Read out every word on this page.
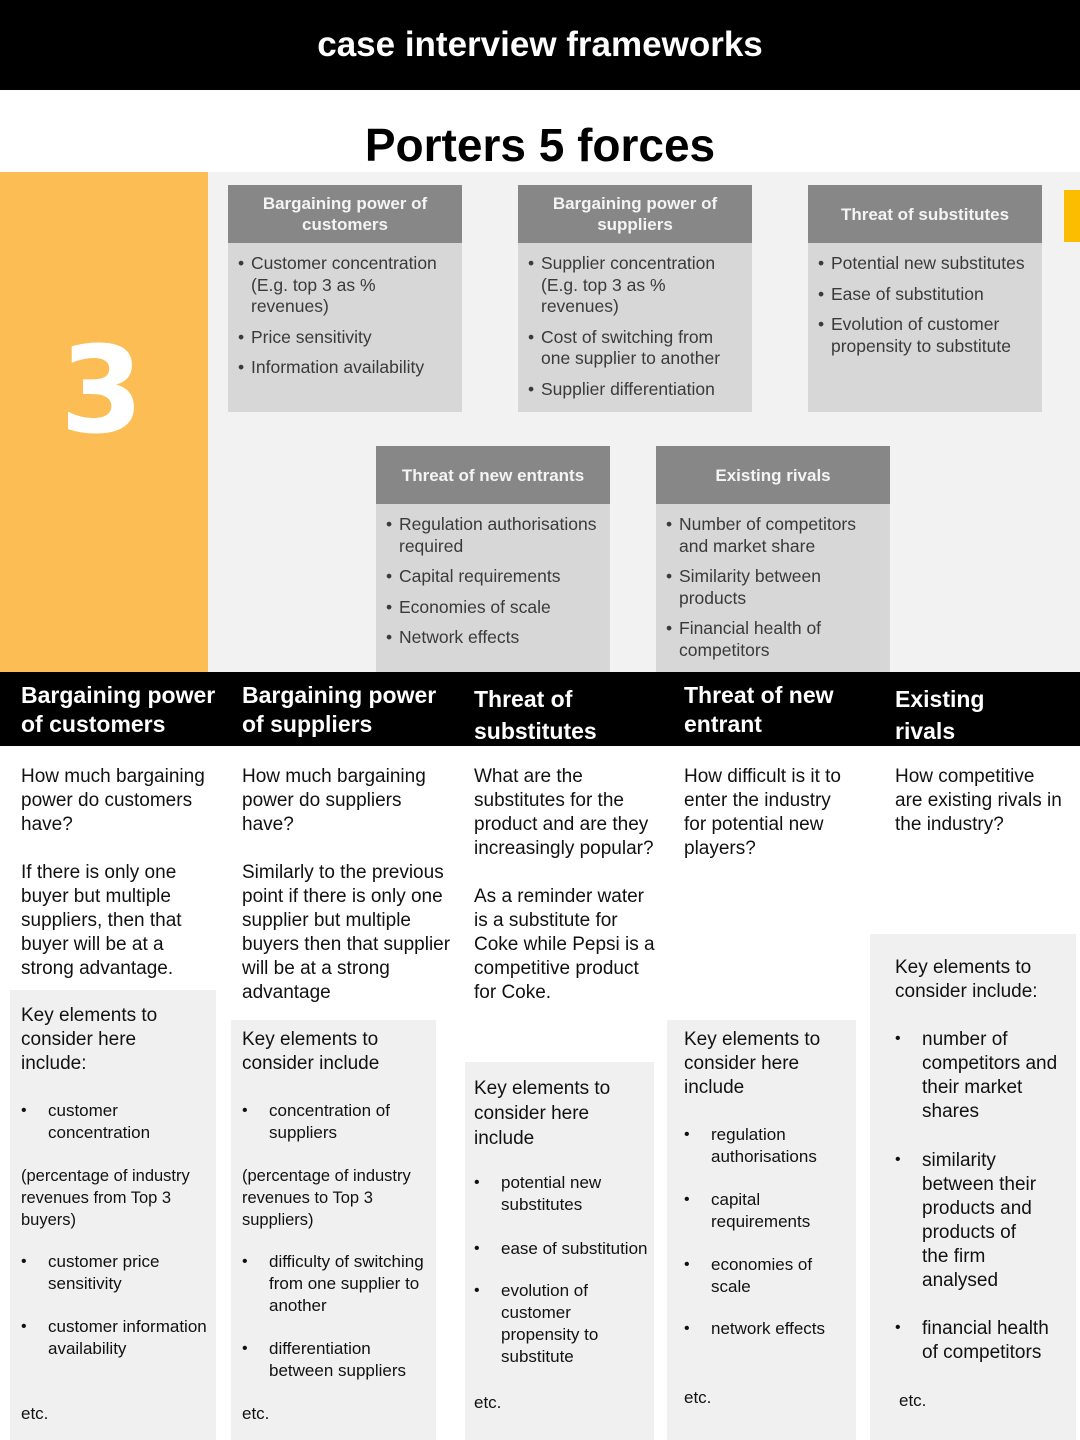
case interview frameworks
Porters 5 forces
3
Bargaining power of customers
• Customer concentration (E.g. top 3 as % revenues)
• Price sensitivity
• Information availability
Bargaining power of suppliers
• Supplier concentration (E.g. top 3 as % revenues)
• Cost of switching from one supplier to another
• Supplier differentiation
Threat of substitutes
• Potential new substitutes
• Ease of substitution
• Evolution of customer propensity to substitute
Threat of new entrants
• Regulation authorisations required
• Capital requirements
• Economies of scale
• Network effects
Existing rivals
• Number of competitors and market share
• Similarity between products
• Financial health of competitors
Bargaining power of customers
Bargaining power of suppliers
Threat of substitutes
Threat of new entrant
Existing rivals

How much bargaining power do customers have?

If there is only one buyer but multiple suppliers, then that buyer will be at a strong advantage.

Key elements to consider here include:
• customer concentration
(percentage of industry revenues from Top 3 buyers)
• customer price sensitivity
• customer information availability
etc.

How much bargaining power do suppliers have?

Similarly to the previous point if there is only one supplier but multiple buyers then that supplier will be at a strong advantage

Key elements to consider include
• concentration of suppliers
(percentage of industry revenues to Top 3 suppliers)
• difficulty of switching from one supplier to another
• differentiation between suppliers
etc.

What are the substitutes for the product and are they increasingly popular?

As a reminder water is a substitute for Coke while Pepsi is a competitive product for Coke.

Key elements to consider here include
• potential new substitutes
• ease of substitution
• evolution of customer propensity to substitute
etc.

How difficult is it to enter the industry for potential new players?

Key elements to consider here include
• regulation authorisations
• capital requirements
• economies of scale
• network effects
etc.

How competitive are existing rivals in the industry?

Key elements to consider include:
• number of competitors and their market shares
• similarity between their products and products of the firm analysed
• financial health of competitors
etc.
